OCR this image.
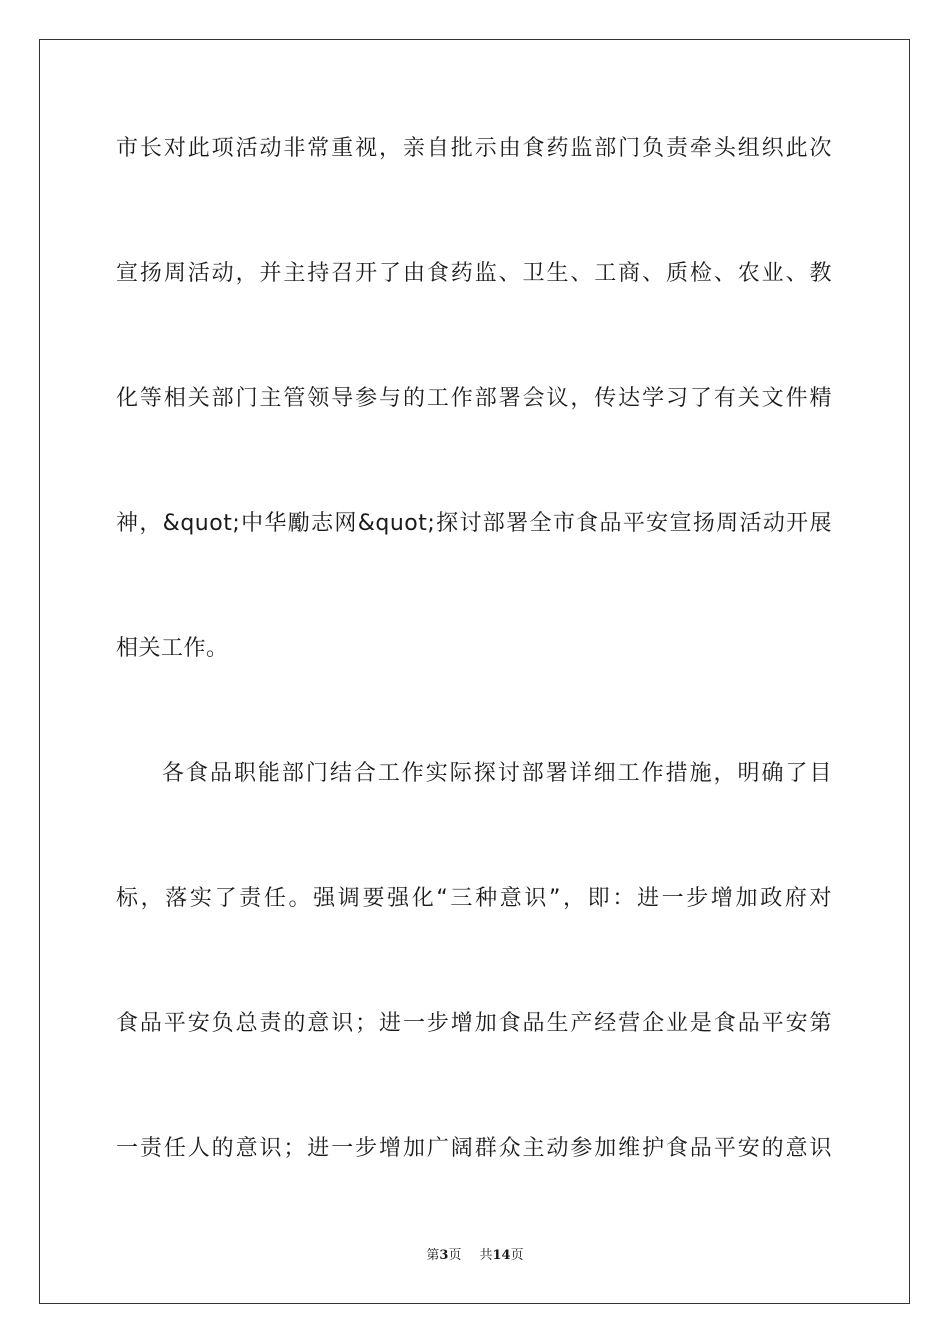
市长对此项活动非常重视，亲自批示由食药监部门负责牵头组织此次
宣扬周活动，并主持召开了由食药监、卫生、工商、质检、农业、教
化等相关部门主管领导参与的工作部署会议，传达学习了有关文件精
神，&quot;中华勵志网&quot;探讨部署全市食品平安宣扬周活动开展
相关工作。
各食品职能部门结合工作实际探讨部署详细工作措施，明确了目
标，落实了责任。强调要强化“三种意识”，即：进一步增加政府对
食品平安负总责的意识；进一步增加食品生产经营企业是食品平安第
一责任人的意识；进一步增加广阔群众主动参加维护食品平安的意识
第3页 共14页
